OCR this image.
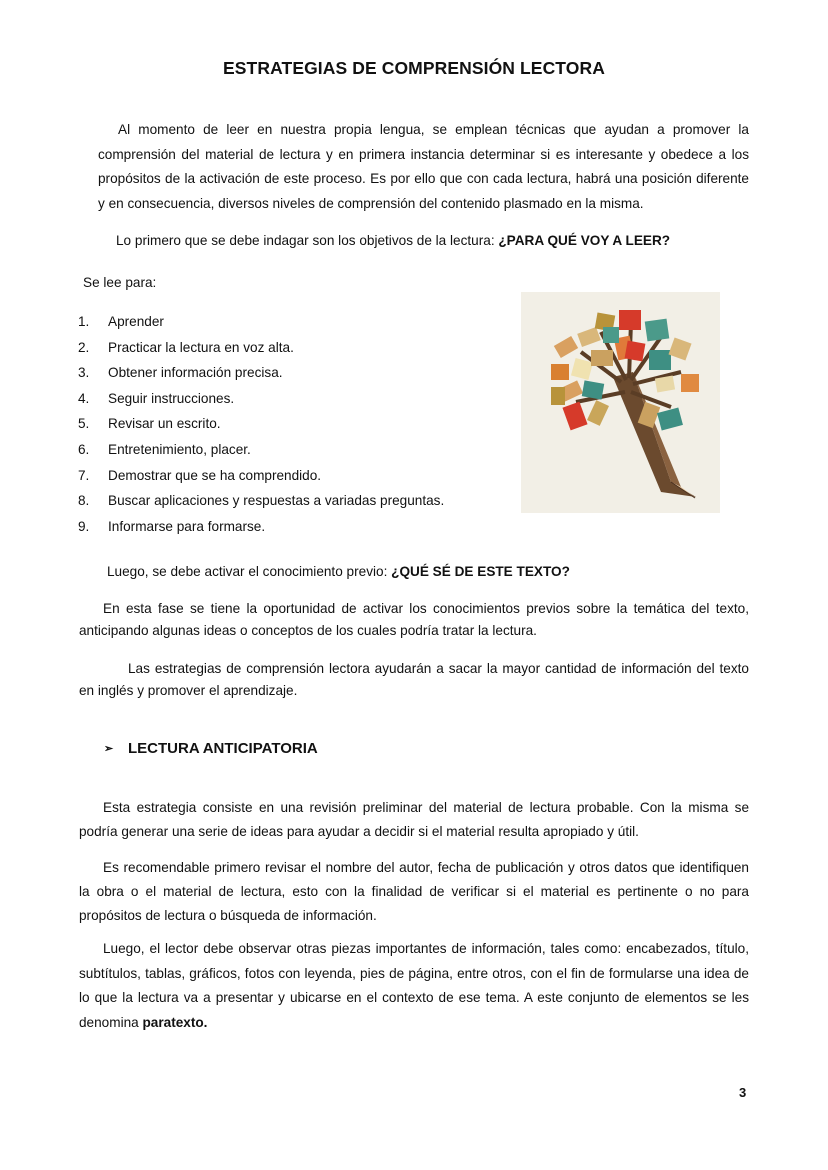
ESTRATEGIAS DE COMPRENSIÓN LECTORA

Al momento de leer en nuestra propia lengua, se emplean técnicas que ayudan a promover la comprensión del material de lectura y en primera instancia determinar si es interesante y obedece a los propósitos de la activación de este proceso. Es por ello que con cada lectura, habrá una posición diferente y en consecuencia, diversos niveles de comprensión del contenido plasmado en la misma.

Lo primero que se debe indagar son los objetivos de la lectura: ¿PARA QUÉ VOY A LEER?

Se lee para:

1.	Aprender
2.	Practicar la lectura en voz alta.
3.	Obtener información precisa.
4.	Seguir instrucciones.
5.	Revisar un escrito.
6.	Entretenimiento, placer.
7.	Demostrar que se ha comprendido.
8.	Buscar aplicaciones y respuestas a variadas preguntas.
9.	Informarse para formarse.

Luego, se debe activar el conocimiento previo: ¿QUÉ SÉ DE ESTE TEXTO?

En esta fase se tiene la oportunidad de activar los conocimientos previos sobre la temática del texto, anticipando algunas ideas o conceptos de los cuales podría tratar la lectura.

Las estrategias de comprensión lectora ayudarán a sacar la mayor cantidad de información del texto en inglés y promover el aprendizaje.

➢ LECTURA ANTICIPATORIA

Esta estrategia consiste en una revisión preliminar del material de lectura probable. Con la misma se podría generar una serie de ideas para ayudar a decidir si el material resulta apropiado y útil.

Es recomendable primero revisar el nombre del autor, fecha de publicación y otros datos que identifiquen la obra o el material de lectura, esto con la finalidad de verificar si el material es pertinente o no para propósitos de lectura o búsqueda de información.

Luego, el lector debe observar otras piezas importantes de información, tales como: encabezados, título, subtítulos, tablas, gráficos, fotos con leyenda, pies de página, entre otros, con el fin de formularse una idea de lo que la lectura va a presentar y ubicarse en el contexto de ese tema. A este conjunto de elementos se les denomina paratexto.

3
